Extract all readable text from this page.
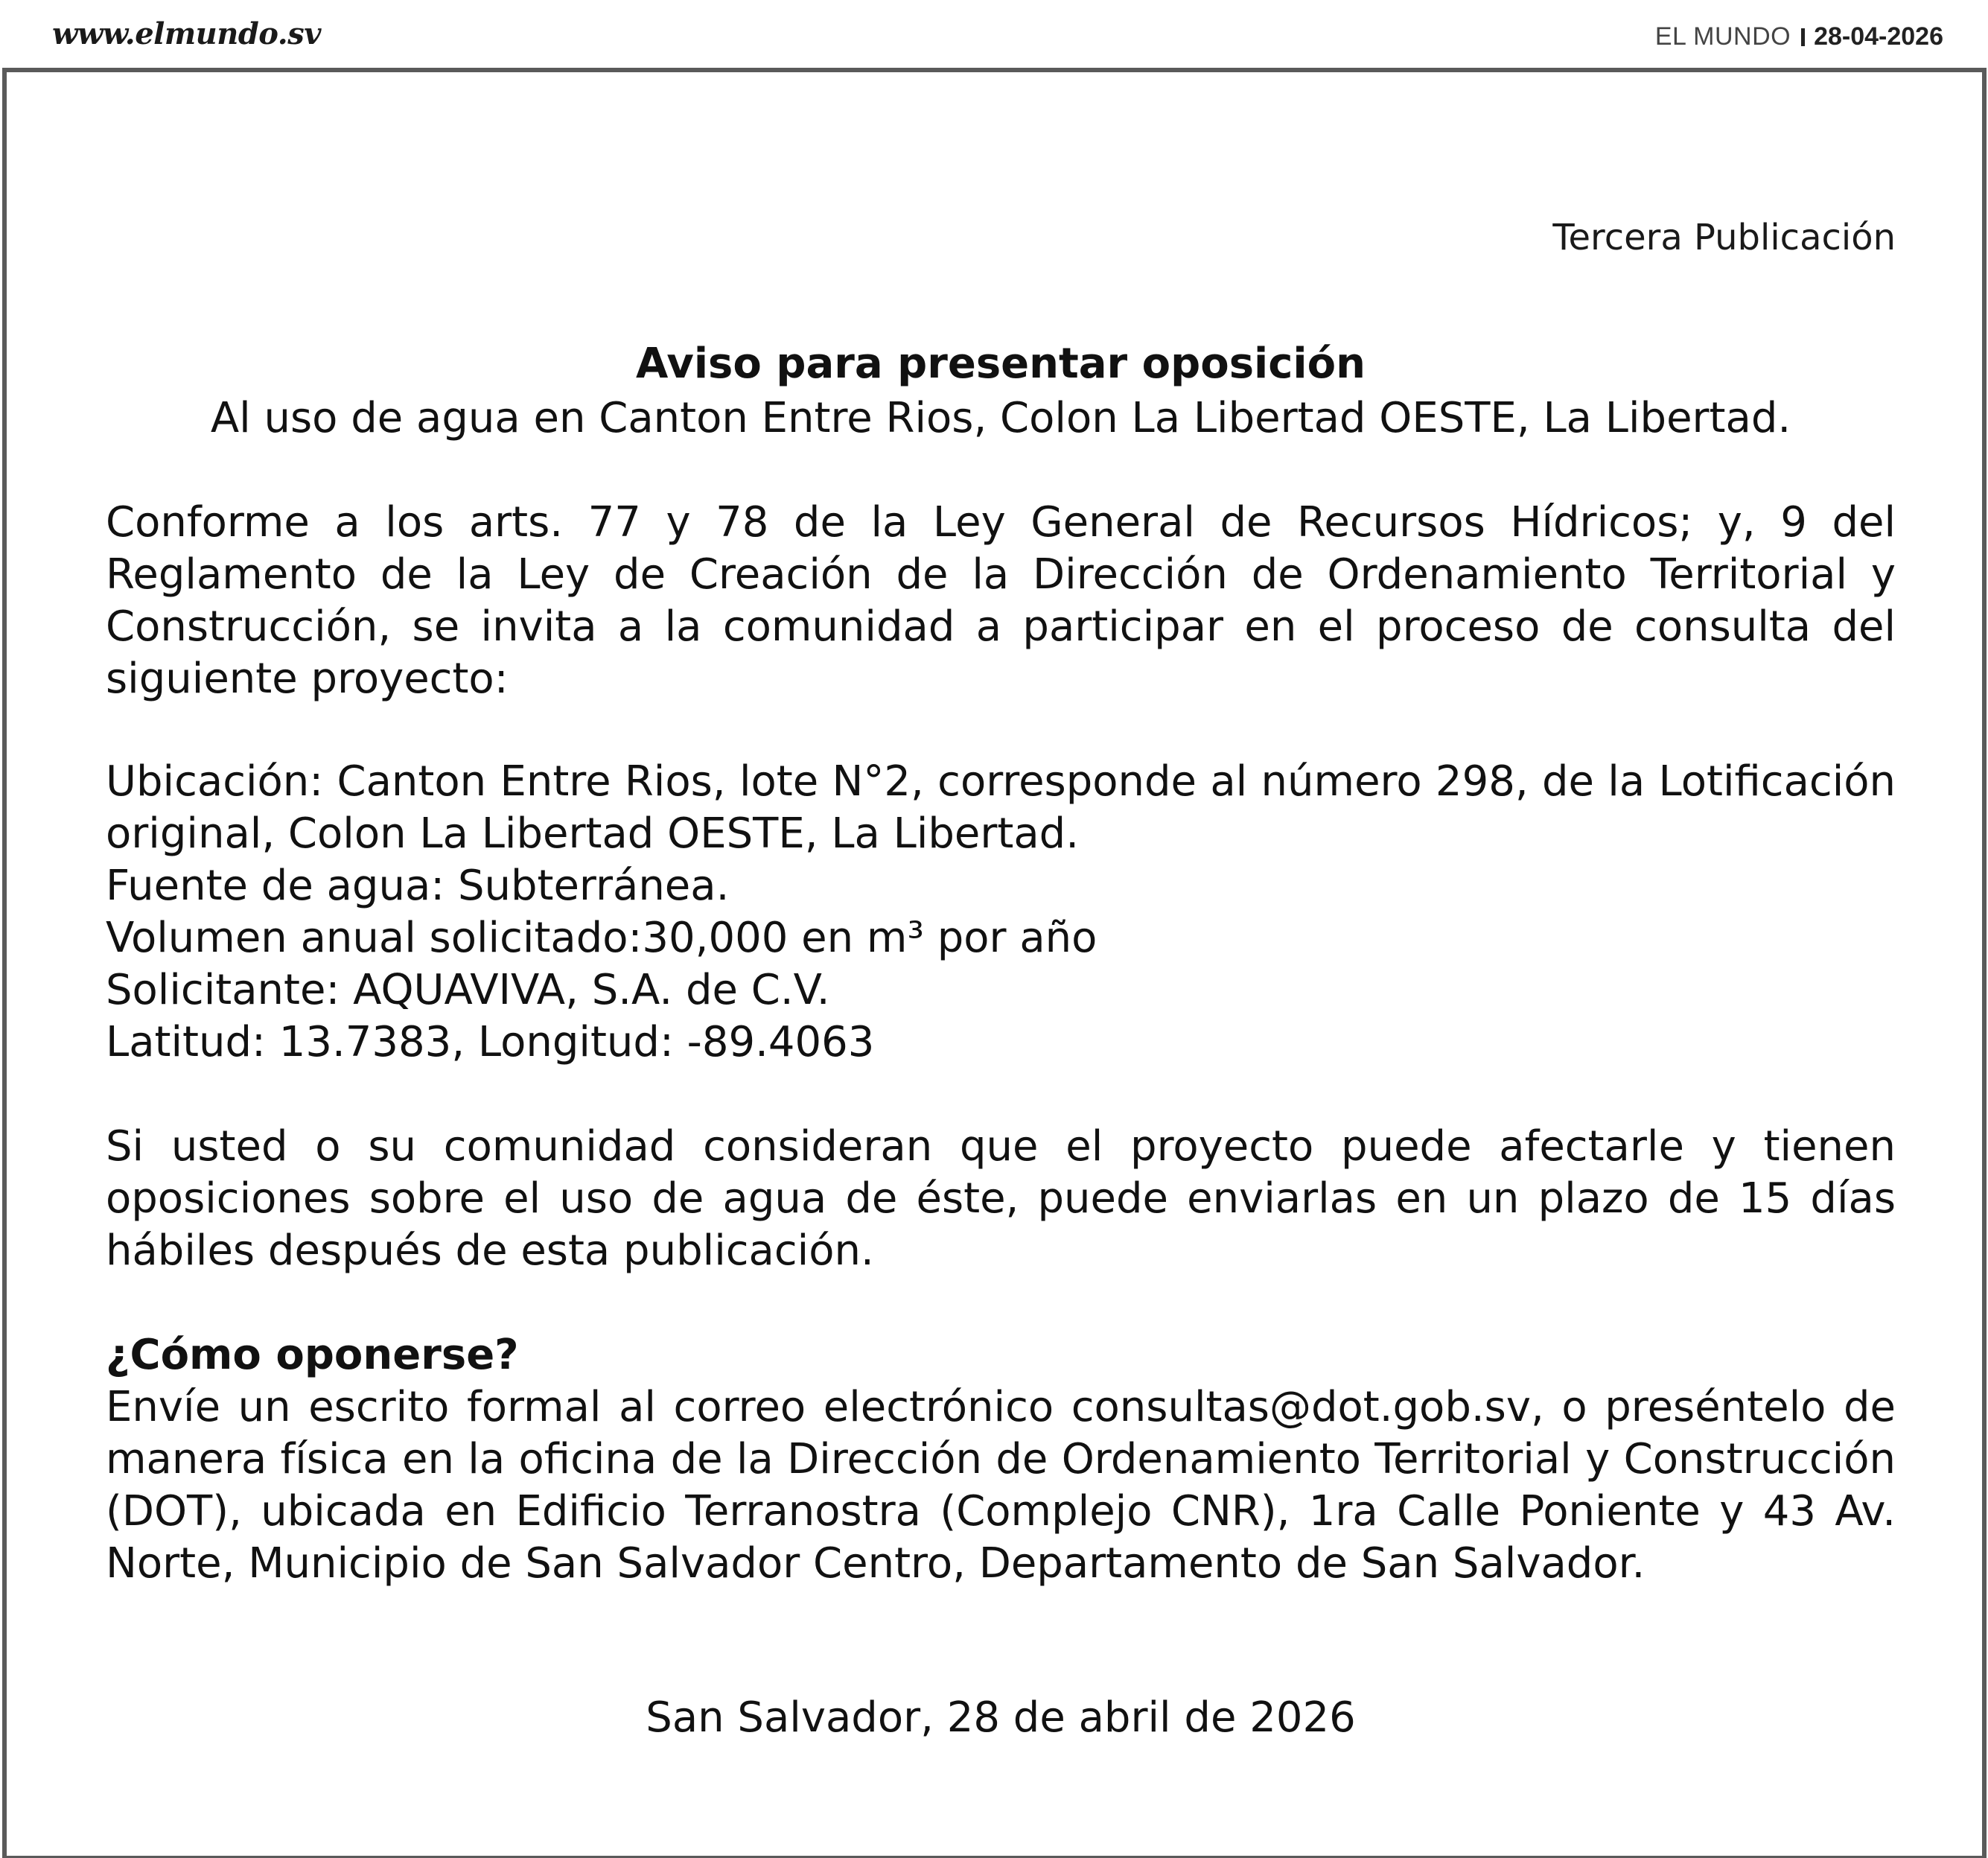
www.elmundo.sv	EL MUNDO 28-04-2026
Tercera Publicación
Aviso para presentar oposición
Al uso de agua en Canton Entre Rios, Colon La Libertad OESTE, La Libertad.
Conforme a los arts. 77 y 78 de la Ley General de Recursos Hídricos; y, 9 del Reglamento de la Ley de Creación de la Dirección de Ordenamiento Territorial y Construcción, se invita a la comunidad a participar en el proceso de consulta del siguiente proyecto:
Ubicación: Canton Entre Rios, lote N°2, corresponde al número 298, de la Lotificación original, Colon La Libertad OESTE, La Libertad.
Fuente de agua: Subterránea.
Volumen anual solicitado:30,000 en m³ por año
Solicitante: AQUAVIVA, S.A. de C.V.
Latitud: 13.7383, Longitud: -89.4063
Si usted o su comunidad consideran que el proyecto puede afectarle y tienen oposiciones sobre el uso de agua de éste, puede enviarlas en un plazo de 15 días hábiles después de esta publicación.
¿Cómo oponerse?
Envíe un escrito formal al correo electrónico consultas@dot.gob.sv, o preséntelo de manera física en la oficina de la Dirección de Ordenamiento Territorial y Construcción (DOT), ubicada en Edificio Terranostra (Complejo CNR), 1ra Calle Poniente y 43 Av. Norte, Municipio de San Salvador Centro, Departamento de San Salvador.
San Salvador, 28 de abril de 2026
